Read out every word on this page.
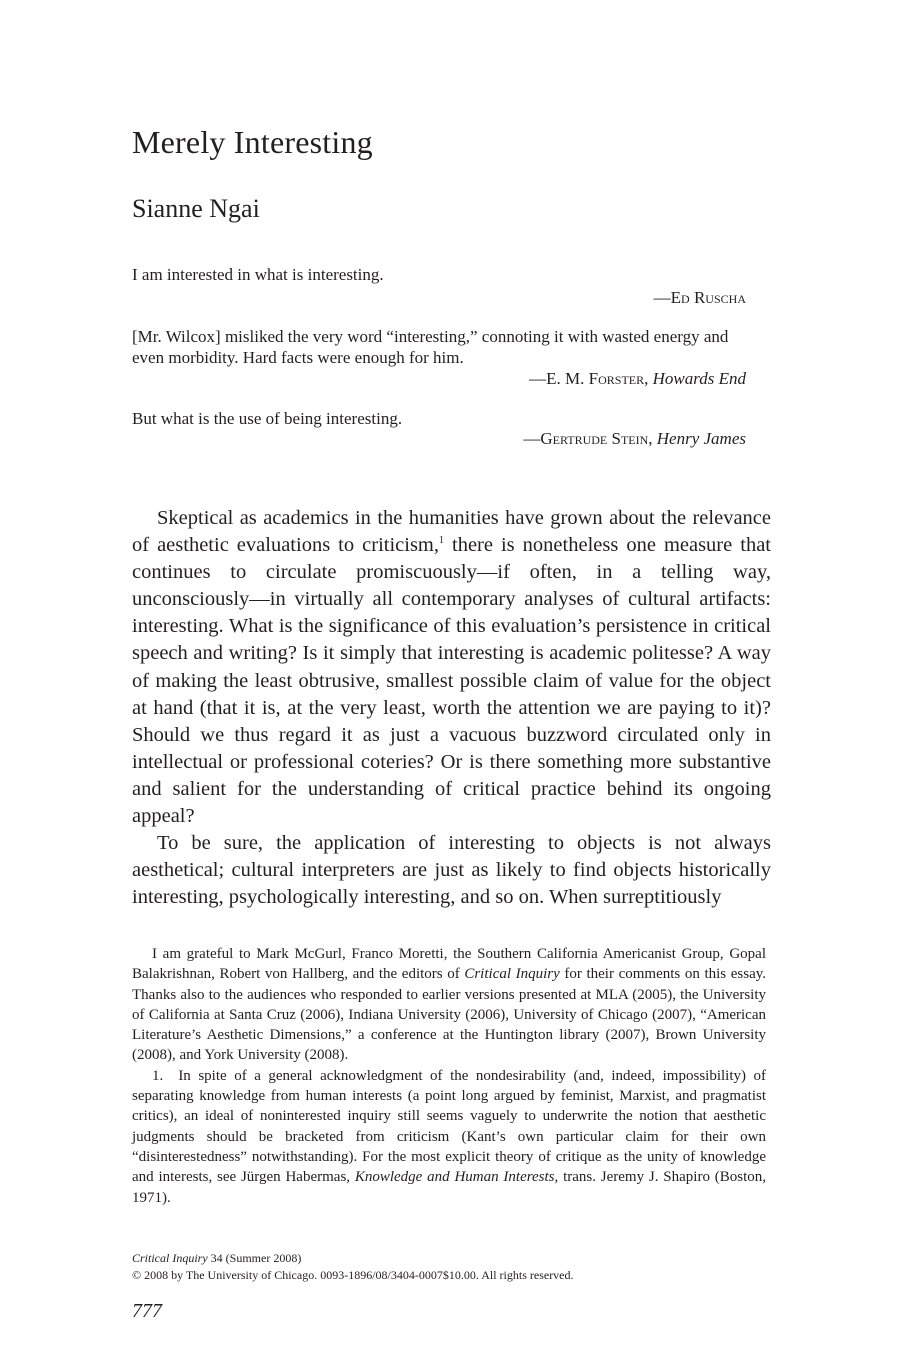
Merely Interesting
Sianne Ngai

I am interested in what is interesting.

—Ed Ruscha

[Mr. Wilcox] misliked the very word “interesting,” connoting it with wasted energy and even morbidity. Hard facts were enough for him.

—E. M. Forster, Howards End

But what is the use of being interesting.

—Gertrude Stein, Henry James

Skeptical as academics in the humanities have grown about the relevance of aesthetic evaluations to criticism,$^1$ there is nonetheless one measure that continues to circulate promiscuously—if often, in a telling way, unconsciously—in virtually all contemporary analyses of cultural artifacts: interesting. What is the significance of this evaluation’s persistence in critical speech and writing? Is it simply that interesting is academic politesse? A way of making the least obtrusive, smallest possible claim of value for the object at hand (that it is, at the very least, worth the attention we are paying to it)? Should we thus regard it as just a vacuous buzzword circulated only in intellectual or professional coteries? Or is there something more substantive and salient for the understanding of critical practice behind its ongoing appeal?

To be sure, the application of interesting to objects is not always aesthetical; cultural interpreters are just as likely to find objects historically interesting, psychologically interesting, and so on. When surreptitiously

I am grateful to Mark McGurl, Franco Moretti, the Southern California Americanist Group, Gopal Balakrishnan, Robert von Hallberg, and the editors of Critical Inquiry for their comments on this essay. Thanks also to the audiences who responded to earlier versions presented at MLA (2005), the University of California at Santa Cruz (2006), Indiana University (2006), University of Chicago (2007), “American Literature’s Aesthetic Dimensions,” a conference at the Huntington library (2007), Brown University (2008), and York University (2008).

1. In spite of a general acknowledgment of the nondesirability (and, indeed, impossibility) of separating knowledge from human interests (a point long argued by feminist, Marxist, and pragmatist critics), an ideal of noninterested inquiry still seems vaguely to underwrite the notion that aesthetic judgments should be bracketed from criticism (Kant’s own particular claim for their own “disinterestedness” notwithstanding). For the most explicit theory of critique as the unity of knowledge and interests, see Jürgen Habermas, Knowledge and Human Interests, trans. Jeremy J. Shapiro (Boston, 1971).

Critical Inquiry 34 (Summer 2008)
© 2008 by The University of Chicago. 0093-1896/08/3404-0007$10.00. All rights reserved.
777
